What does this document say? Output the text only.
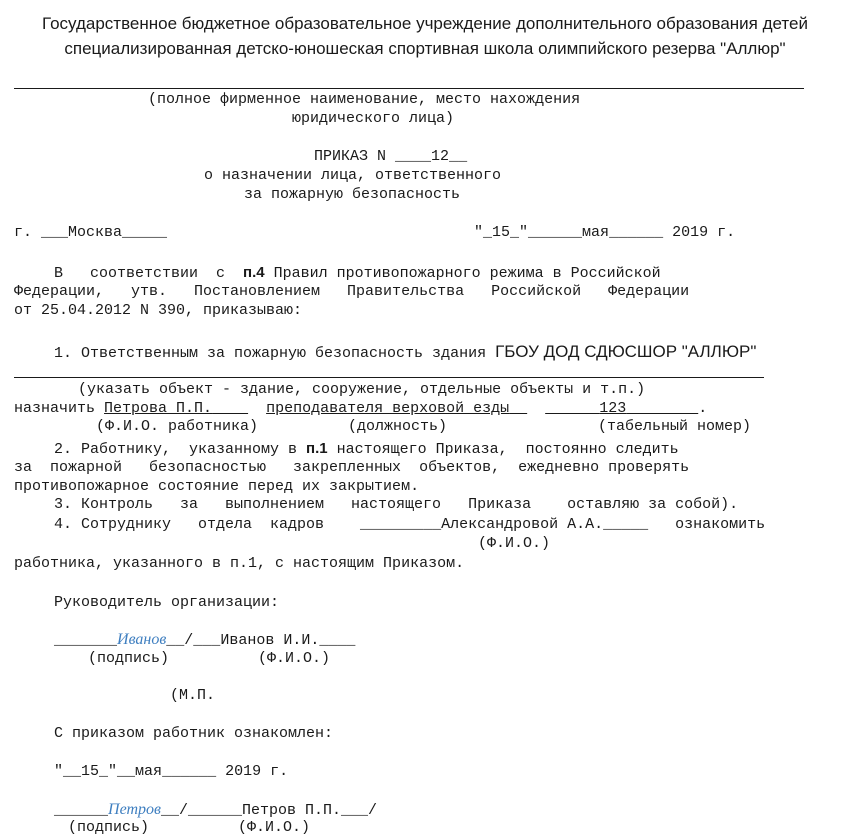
Государственное бюджетное образовательное учреждение дополнительного образования детей
специализированная детско-юношеская спортивная школа олимпийского резерва "Аллюр"
(полное фирменное наименование, место нахождения
юридического лица)
ПРИКАЗ N ____12__
о назначении лица, ответственного
за пожарную безопасность
г. ___Москва_____	"_15_"______мая______ 2019 г.
В   соответствии  с  п.4 Правил противопожарного режима в Российской
Федерации,   утв.   Постановлением   Правительства   Российской   Федерации
от 25.04.2012 N 390, приказываю:
1. Ответственным за пожарную безопасность здания ГБОУ ДОД СДЮСШОР "АЛЛЮР"
(указать объект - здание, сооружение, отдельные объекты и т.п.)
назначить Петрова П.П.	преподавателя верховой езды	123	.
(Ф.И.О. работника)	(должность)	(табельный номер)
2. Работнику,  указанному в п.1 настоящего Приказа,  постоянно следить
за  пожарной   безопасностью   закрепленных  объектов,  ежедневно проверять
противопожарное состояние перед их закрытием.
3. Контроль   за   выполнением   настоящего   Приказа    оставляю за собой).
4. Сотруднику   отдела  кадров    _________Александровой А.А._____   ознакомить
(Ф.И.О.)
работника, указанного в п.1, с настоящим Приказом.
Руководитель организации:
_______Иванов__/___Иванов И.И.____
(подпись)	(Ф.И.О.)
(М.П.
С приказом работник ознакомлен:
"__15_"__мая______ 2019 г.
______Петров__/______Петров П.П.___/
(подпись)	(Ф.И.О.)
